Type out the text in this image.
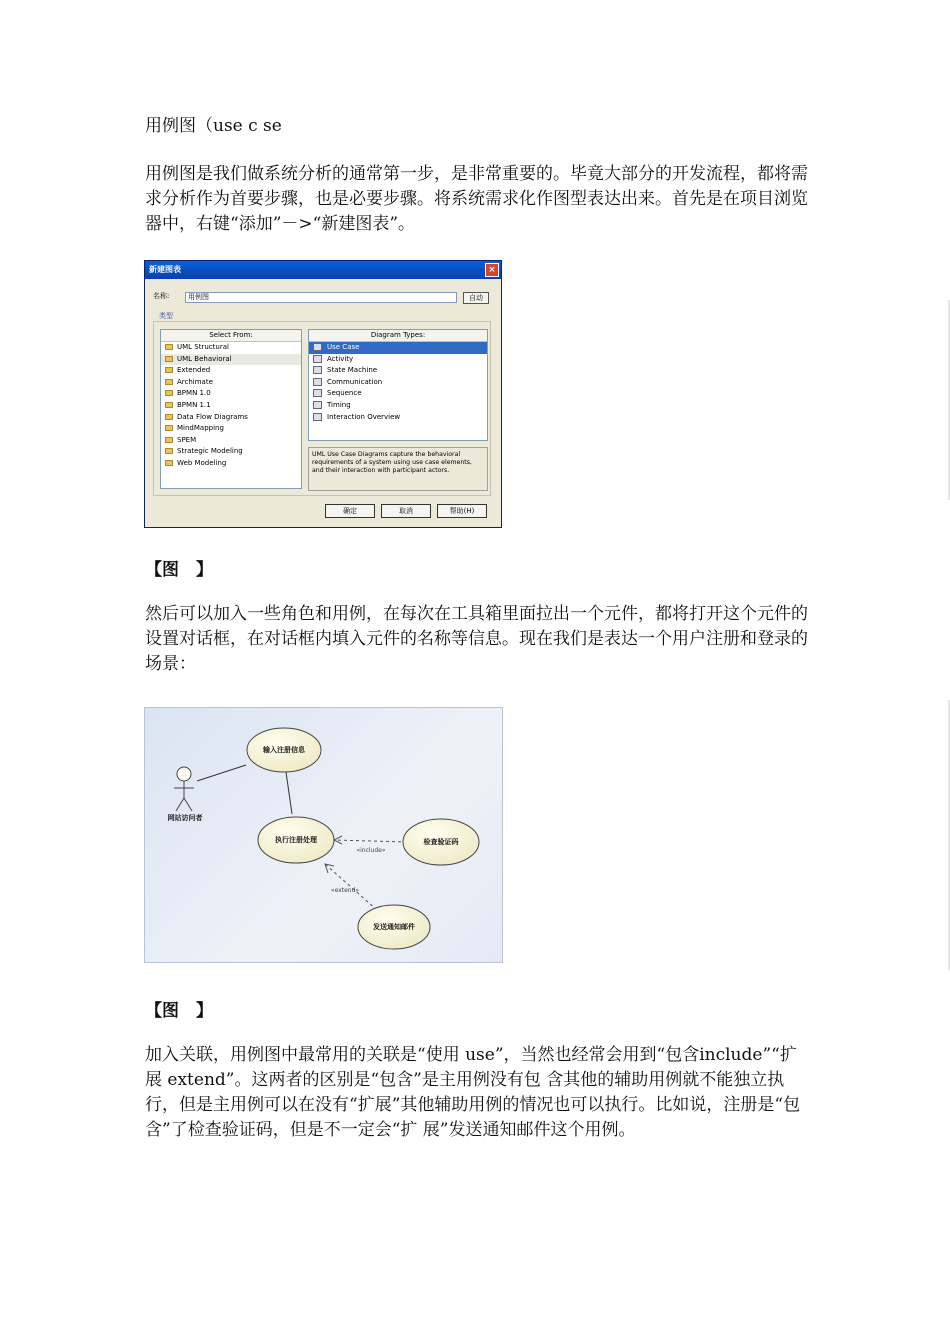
用例图（use c se
用例图是我们做系统分析的通常第一步，是非常重要的。毕竟大部分的开发流程，都将需求分析作为首要步骤，也是必要步骤。将系统需求化作图型表达出来。首先是在项目浏览器中，右键“添加”－>“新建图表”。
新建图表	×
名称:	用例图	自动
类型
Select From:
UML Structural
UML Behavioral
Extended
Archimate
BPMN 1.0
BPMN 1.1
Data Flow Diagrams
MindMapping
SPEM
Strategic Modeling
Web Modeling
Diagram Types:
Use Case
Activity
State Machine
Communication
Sequence
Timing
Interaction Overview
UML Use Case Diagrams capture the behavioral requirements of a system using use case elements, and their interaction with participant actors.
确定	取消	帮助(H)
【图　】
然后可以加入一些角色和用例，在每次在工具箱里面拉出一个元件，都将打开这个元件的设置对话框，在对话框内填入元件的名称等信息。现在我们是表达一个用户注册和登录的场景：
网站访问者
输入注册信息
执行注册处理	检查验证码
发送通知邮件
«include»
«extend»
【图　】
加入关联，用例图中最常用的关联是“使用 use”，当然也经常会用到“包含include”“扩展 extend”。这两者的区别是“包含”是主用例没有包 含其他的辅助用例就不能独立执行，但是主用例可以在没有“扩展”其他辅助用例的情况也可以执行。比如说，注册是“包含”了检查验证码，但是不一定会“扩 展”发送通知邮件这个用例。
